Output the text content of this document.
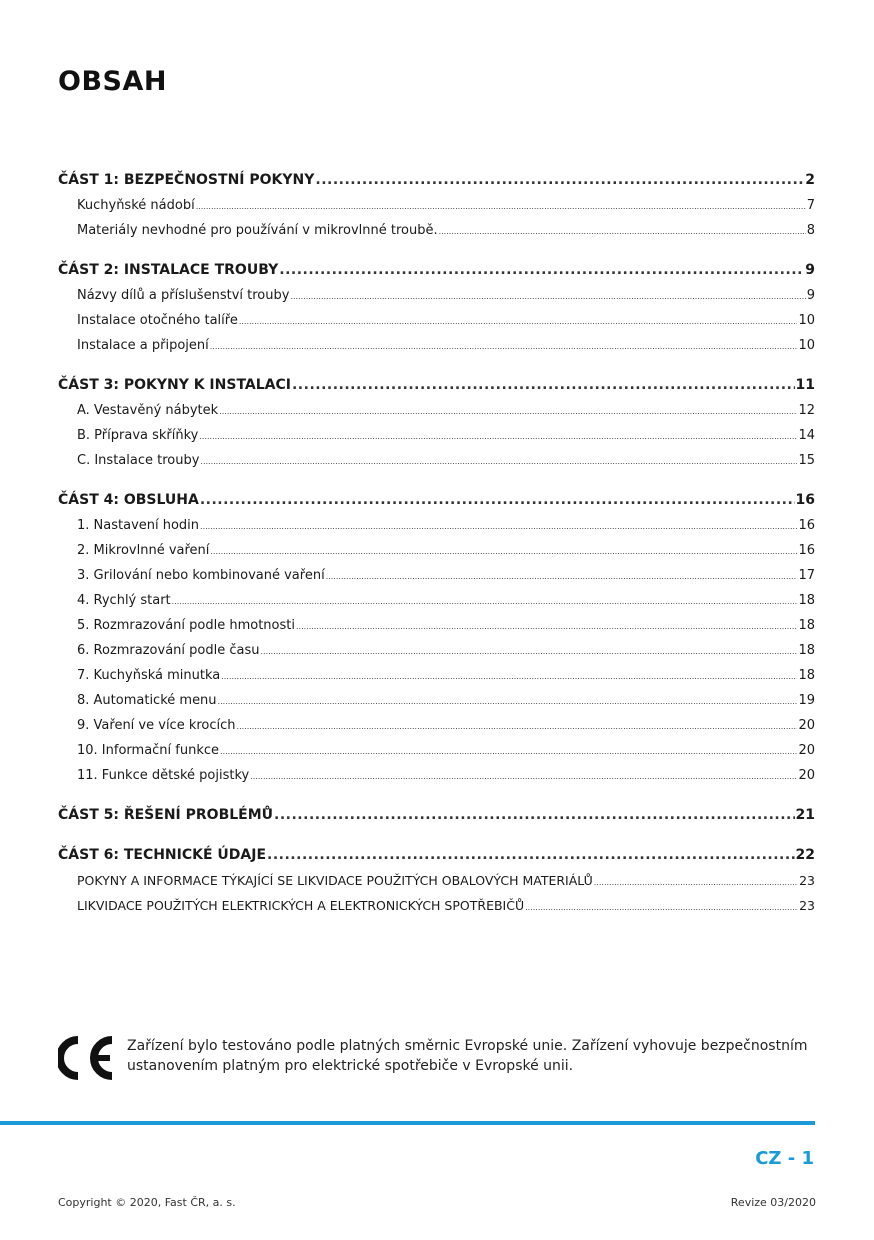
OBSAH
ČÁST 1: BEZPEČNOSTNÍ POKYNY .....	2
Kuchyňské nádobí .....	7
Materiály nevhodné pro používání v mikrovlnné troubě. .....	8
ČÁST 2: INSTALACE TROUBY .....	9
Názvy dílů a příslušenství trouby .....	9
Instalace otočného talíře .....	10
Instalace a připojení .....	10
ČÁST 3: POKYNY K INSTALACI .....	11
A. Vestavěný nábytek .....	12
B. Příprava skříňky .....	14
C. Instalace trouby .....	15
ČÁST 4: OBSLUHA .....	16
1. Nastavení hodin .....	16
2. Mikrovlnné vaření .....	16
3. Grilování nebo kombinované vaření .....	17
4. Rychlý start .....	18
5. Rozmrazování podle hmotnosti .....	18
6. Rozmrazování podle času .....	18
7. Kuchyňská minutka .....	18
8. Automatické menu .....	19
9. Vaření ve více krocích .....	20
10. Informační funkce .....	20
11. Funkce dětské pojistky .....	20
ČÁST 5: ŘEŠENÍ PROBLÉMŮ .....	21
ČÁST 6: TECHNICKÉ ÚDAJE .....	22
POKYNY A INFORMACE TÝKAJÍCÍ SE LIKVIDACE POUŽITÝCH OBALOVÝCH MATERIÁLŮ .....	23
LIKVIDACE POUŽITÝCH ELEKTRICKÝCH A ELEKTRONICKÝCH SPOTŘEBIČŮ .....	23
Zařízení bylo testováno podle platných směrnic Evropské unie. Zařízení vyhovuje bezpečnostním ustanovením platným pro elektrické spotřebiče v Evropské unii.
CZ - 1
Copyright © 2020, Fast ČR, a. s.	Revize 03/2020
